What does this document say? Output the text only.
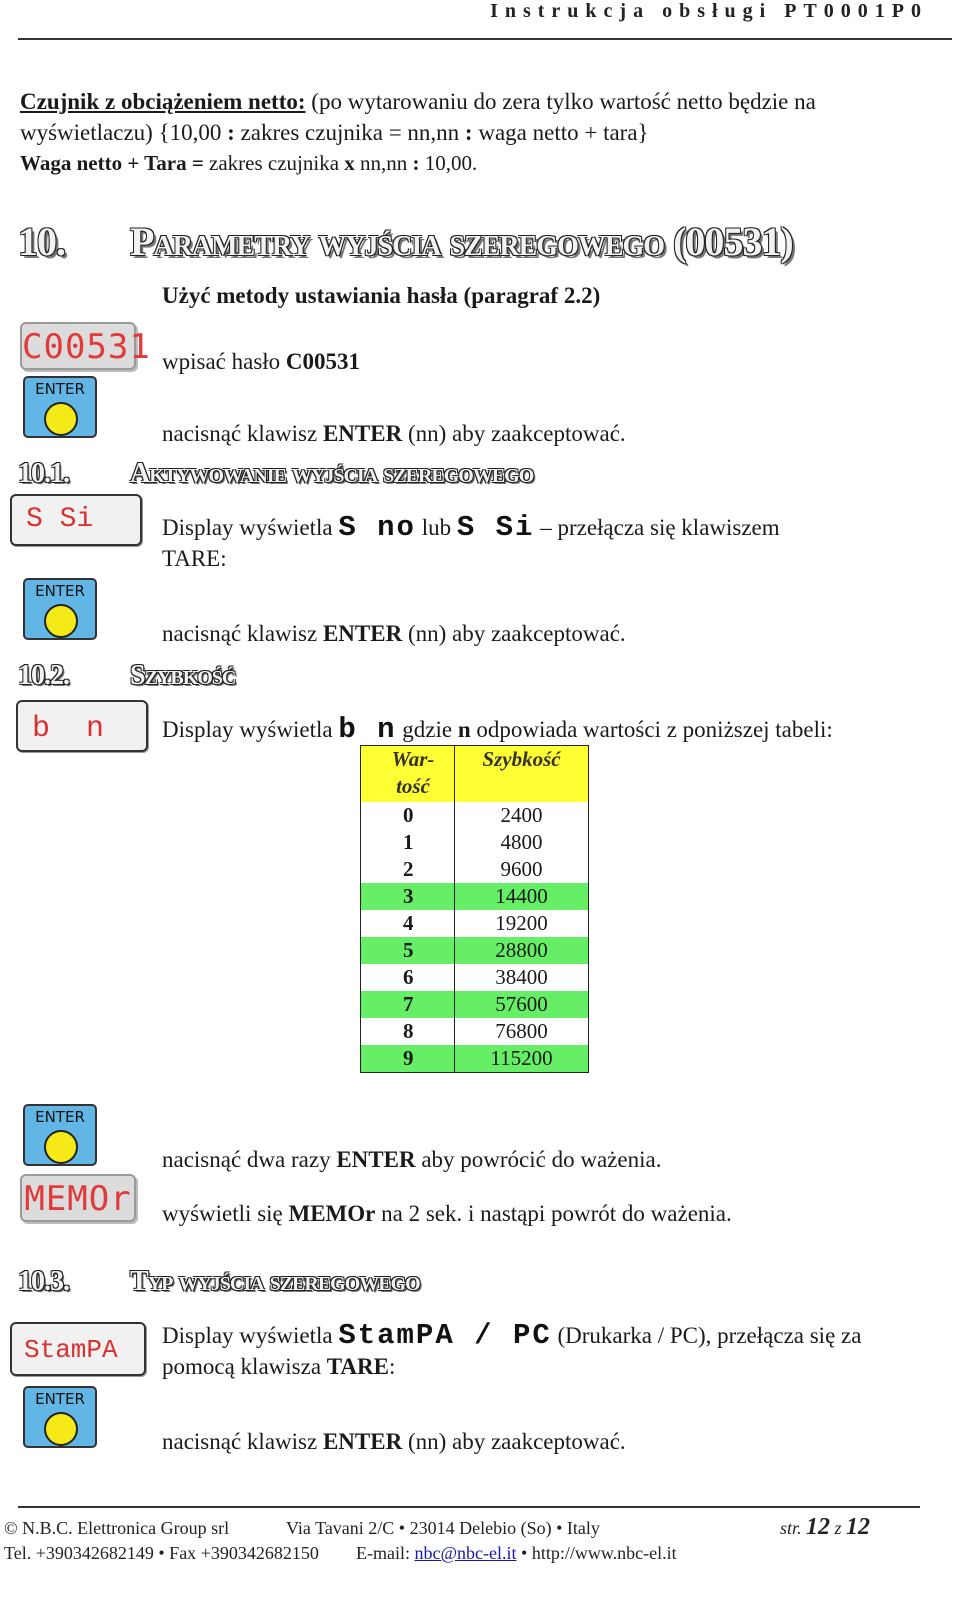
Instrukcja obsługi PT0001P0
Czujnik z obciążeniem netto: (po wytarowaniu do zera tylko wartość netto będzie na wyświetlaczu) {10,00 : zakres czujnika = nn,nn : waga netto + tara}
Waga netto + Tara = zakres czujnika x nn,nn : 10,00.
10. Parametry wyjścia szeregowego (00531)
Użyć metody ustawiania hasła (paragraf 2.2)
C00531 wpisać hasło C00531
ENTER
nacisnąć klawisz ENTER (nn) aby zaakceptować.
10.1. Aktywowanie wyjścia szeregowego
S Si	Display wyświetla S no lub S Si – przełącza się klawiszem
TARE:
ENTER
nacisnąć klawisz ENTER (nn) aby zaakceptować.
10.2. Szybkość
b  n	Display wyświetla b n gdzie n odpowiada wartości z poniższej tabeli:
War-
tość	Szybkość
0	2400
1	4800
2	9600
3	14400
4	19200
5	28800
6	38400
7	57600
8	76800
9	115200
ENTER
MEMOr
nacisnąć dwa razy ENTER aby powrócić do ważenia.
wyświetli się MEMOr na 2 sek. i nastąpi powrót do ważenia.
10.3. Typ wyjścia szeregowego
StamPA	Display wyświetla StamPA / PC (Drukarka / PC), przełącza się za
pomocą klawisza TARE:
ENTER
nacisnąć klawisz ENTER (nn) aby zaakceptować.
© N.B.C. Elettronica Group srl	Via Tavani 2/C • 23014 Delebio (So) • Italy	str. 12 z 12
Tel. +390342682149 • Fax +390342682150 E-mail: nbc@nbc-el.it • http://www.nbc-el.it
